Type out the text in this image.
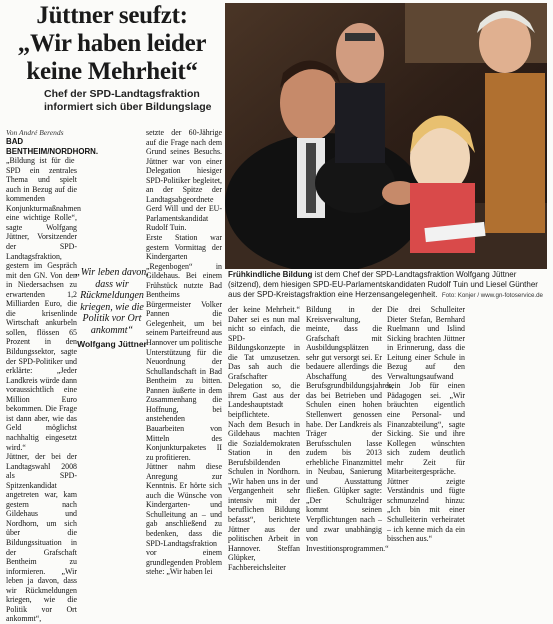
Jüttner seufzt:
„Wir haben leider
keine Mehrheit“
Chef der SPD-Landtagsfraktion informiert sich über Bildungslage
Von André Berends
BAD BENTHEIM/NORDHORN. „Bildung ist für die SPD ein zentrales Thema und spielt auch in Bezug auf die kommenden Konjunkturmaßnahmen eine wichtige Rolle“, sagte Wolfgang Jüttner, Vorsitzender der SPD-Landtagsfraktion, gestern im Gespräch mit den GN. Von den in Niedersachsen zu erwartenden 1,2 Milliarden Euro, die die krisenlinde Wirtschaft ankurbeln sollen, flössen 65 Prozent in den Bildungssektor, sagte der SPD-Politiker und erklärte: „Jeder Landkreis würde dann voraussichtlich eine Million Euro bekommen. Die Frage ist dann aber, wie das Geld möglichst nachhaltig eingesetzt wird.“
Jüttner, der bei der Landtagswahl 2008 als SPD-Spitzenkandidat angetreten war, kam gestern nach Gildehaus und Nordhorn, um sich über die Bildungssituation in der Grafschaft Bentheim zu informieren. „Wir leben ja davon, dass wir Rückmeldungen kriegen, wie die Politik vor Ort ankommt“,
setzte der 60-Jährige auf die Frage nach dem Grund seines Besuchs. Jüttner war von einer Delegation hiesiger SPD-Politiker begleitet, an der Spitze der Landtagsabgeordnete Gerd Will und der EU-Parlamentskandidat Rudolf Tuin.
Erste Station war gestern Vormittag der Kindergarten „Regenbogen“ in Gildehaus. Bei einem Frühstück nutzte Bad Bentheims Bürgermeister Volker Pannen die Gelegenheit, um bei seinem Parteifreund aus Hannover um politische Unterstützung für die Neuordnung der Schullandschaft in Bad Bentheim zu bitten. Pannen äußerte in dem Zusammenhang die Hoffnung, bei anstehenden Bauarbeiten von Mitteln des Konjunkturpaketes II zu profitieren.
Jüttner nahm diese Anregung zur Kenntnis. Er hörte sich auch die Wünsche von Kindergarten- und Schulleitung an – und gab anschließend zu bedenken, dass die SPD-Landtagsfraktion vor einem grundlegenden Problem stehe: „Wir haben lei
„Wir leben davon, dass wir Rückmeldungen kriegen, wie die Politik vor Ort ankommt“
Wolfgang Jüttner
Frühkindliche Bildung ist dem Chef der SPD-Landtagsfraktion Wolfgang Jüttner (sitzend), dem hiesigen SPD-EU-Parlamentskandidaten Rudolf Tuin und Liesel Günther aus der SPD-Kreistagsfraktion eine Herzensangelegenheit. Foto: Konjer / www.gn-fotoservice.de
der keine Mehrheit.“ Daher sei es nun mal nicht so einfach, die SPD-Bildungskonzepte in die Tat umzusetzen. Das sah auch die Grafschafter Delegation so, die ihrem Gast aus der Landeshauptstadt beipflichtete.
Nach dem Besuch in Gildehaus machten die Sozialdemokraten Station in den Berufsbildenden Schulen in Nordhorn. „Wir haben uns in der Vergangenheit sehr intensiv mit der beruflichen Bildung befasst“, berichtete Jüttner aus der politischen Arbeit in Hannover. Steffan Glüpker, Fachbereichsleiter
Bildung in der Kreisverwaltung, meinte, dass die Grafschaft mit Ausbildungsplätzen sehr gut versorgt sei. Er bedauere allerdings die Abschaffung des Berufsgrundbildungsjahres, das bei Betrieben und Schulen einen hohen Stellenwert genossen habe. Der Landkreis als Träger der Berufsschulen lasse zudem bis 2013 erhebliche Finanzmittel in Neubau, Sanierung und Ausstattung fließen. Glüpker sagte: „Der Schulträger kommt seinen Verpflichtungen nach – und zwar unabhängig von Investitionsprogrammen.“
Die drei Schulleiter Dieter Stefan, Bernhard Ruelmann und Islind Sicking brachten Jüttner in Erinnerung, dass die Leitung einer Schule in Bezug auf den Verwaltungsaufwand kein Job für einen Pädagogen sei. „Wir bräuchten eigentlich eine Personal- und Finanzabteilung“, sagte Sicking. Sie und ihre Kollegen wünschten sich zudem deutlich mehr Zeit für Mitarbeitergespräche. Jüttner zeigte Verständnis und fügte schmunzelnd hinzu: „Ich bin mit einer Schulleiterin verheiratet – ich kenne mich da ein bisschen aus.“
